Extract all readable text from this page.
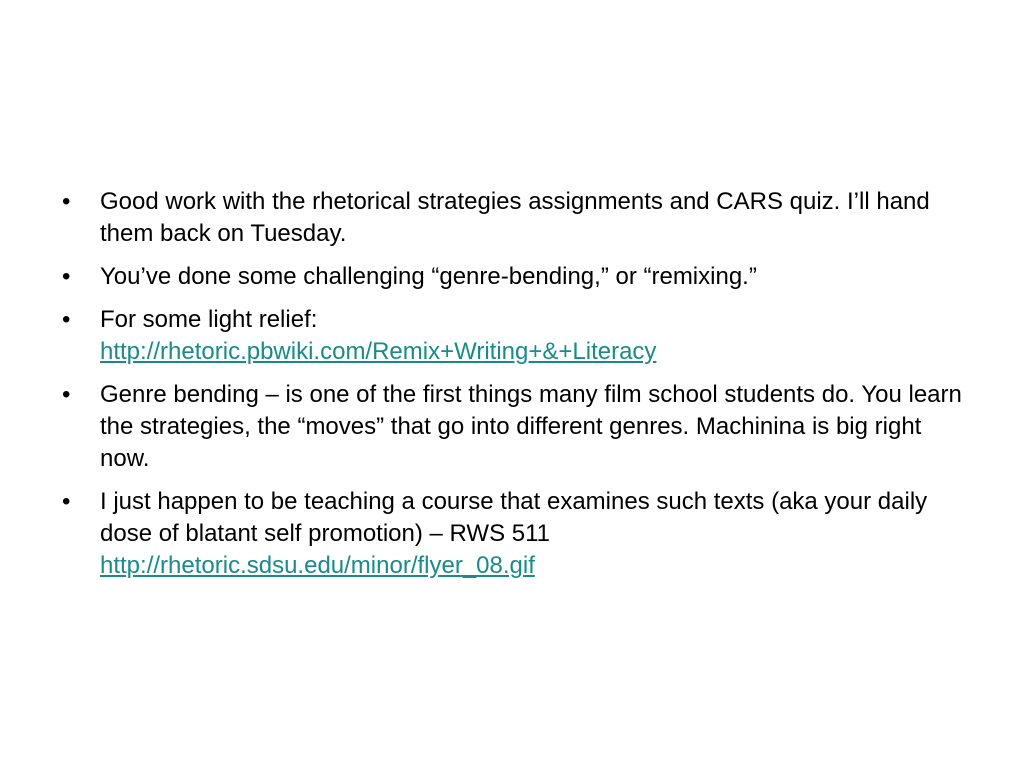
•	Good work with the rhetorical strategies assignments and CARS quiz. I’ll hand them back on Tuesday.
•	You’ve done some challenging “genre-bending,” or “remixing.”
•	For some light relief:
http://rhetoric.pbwiki.com/Remix+Writing+&+Literacy
•	Genre bending – is one of the first things many film school students do. You learn the strategies, the “moves” that go into different genres. Machinina is big right now.
•	I just happen to be teaching a course that examines such texts (aka your daily dose of blatant self promotion) – RWS 511
http://rhetoric.sdsu.edu/minor/flyer_08.gif
